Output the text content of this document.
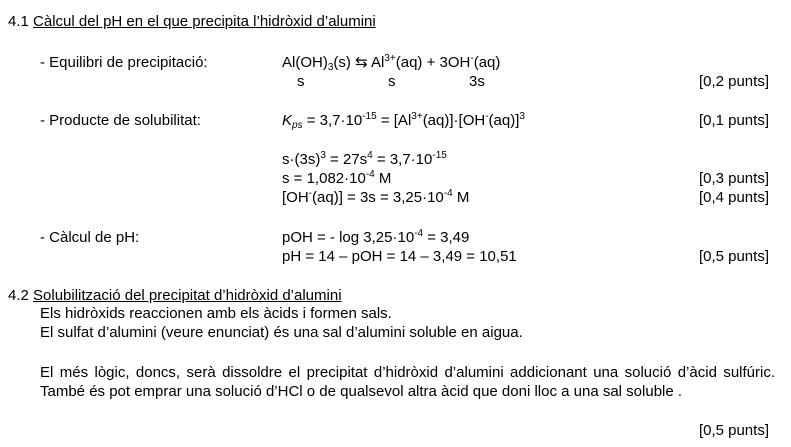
4.1 Càlcul del pH en el que precipita l’hidròxid d’alumini
- Equilibri de precipitació:	$Al(OH)_3(s)$ ⇆ $Al^{3+}(aq) + 3OH^-(aq)$
s	s	3s	[0,2 punts]
- Producte de solubilitat:	$K_{ps} = 3,7\cdot 10^{-15} = [Al^{3+}(aq)]\cdot[OH^-(aq)]^3$	[0,1 punts]
$s\cdot(3s)^3 = 27s^4 = 3,7\cdot 10^{-15}$
$s = 1,082\cdot 10^{-4}$ M	[0,3 punts]
$[OH^-(aq)] = 3s = 3,25\cdot 10^{-4}$ M	[0,4 punts]
- Càlcul de pH:	pOH = - $\log 3,25\cdot 10^{-4} = 3,49$
pH = 14 – pOH = 14 – 3,49 = 10,51	[0,5 punts]
4.2 Solubilització del precipitat d’hidròxid d’alumini
Els hidròxids reaccionen amb els àcids i formen sals.
El sulfat d’alumini (veure enunciat) és una sal d’alumini soluble en aigua.
El més lògic, doncs, serà dissoldre el precipitat d’hidròxid d’alumini addicionant una solució d’àcid sulfúric. També és pot emprar una solució d’HCl o de qualsevol altra àcid que doni lloc a una sal soluble .
[0,5 punts]
